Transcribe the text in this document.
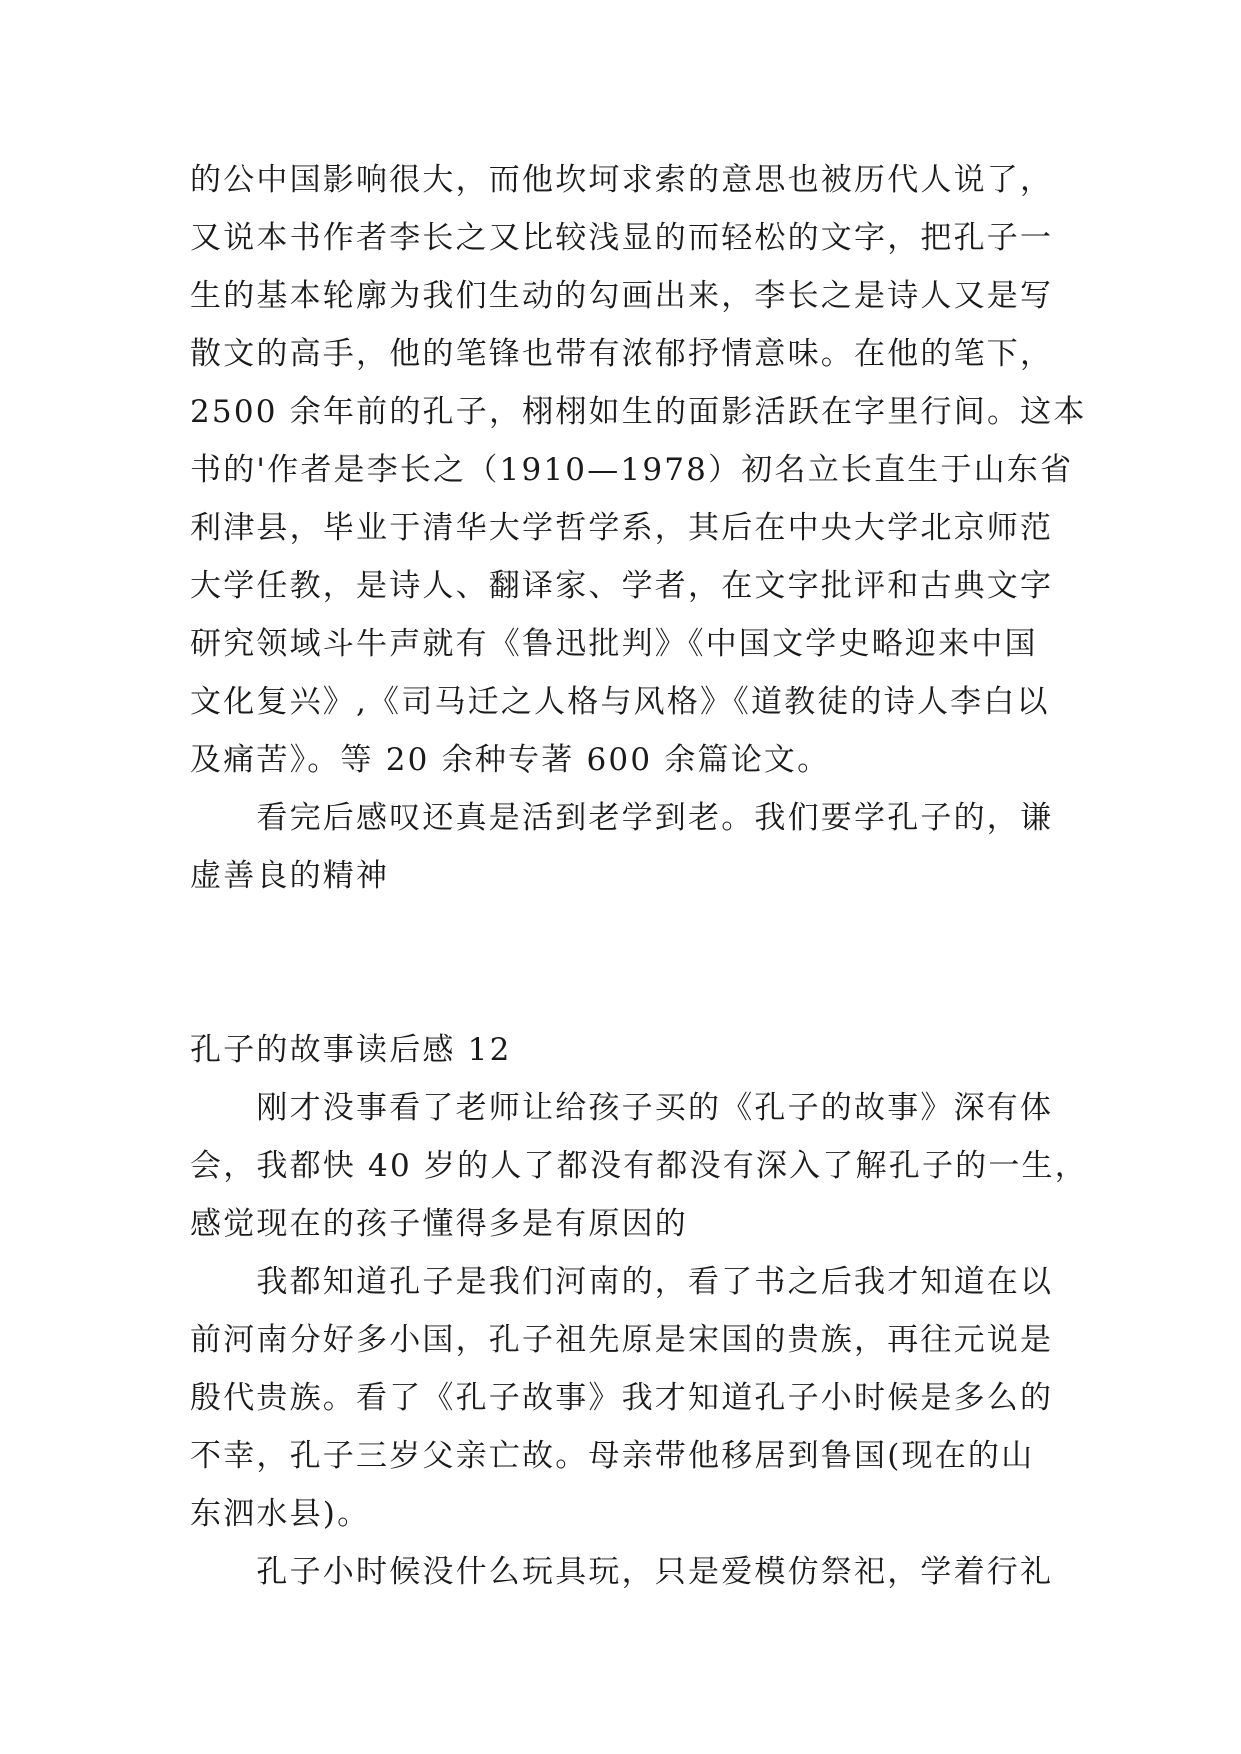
的公中国影响很大，而他坎坷求索的意思也被历代人说了，
又说本书作者李长之又比较浅显的而轻松的文字，把孔子一
生的基本轮廓为我们生动的勾画出来，李长之是诗人又是写
散文的高手，他的笔锋也带有浓郁抒情意味。在他的笔下，
2500 余年前的孔子，栩栩如生的面影活跃在字里行间。这本
书的'作者是李长之（1910—1978）初名立长直生于山东省
利津县，毕业于清华大学哲学系，其后在中央大学北京师范
大学任教，是诗人、翻译家、学者，在文字批评和古典文字
研究领域斗牛声就有《鲁迅批判》《中国文学史略迎来中国
文化复兴》,《司马迁之人格与风格》《道教徒的诗人李白以
及痛苦》。等 20 余种专著 600 余篇论文。
　　看完后感叹还真是活到老学到老。我们要学孔子的，谦
虚善良的精神
孔子的故事读后感 12
　　刚才没事看了老师让给孩子买的《孔子的故事》深有体
会，我都快 40 岁的人了都没有都没有深入了解孔子的一生，
感觉现在的孩子懂得多是有原因的
　　我都知道孔子是我们河南的，看了书之后我才知道在以
前河南分好多小国，孔子祖先原是宋国的贵族，再往元说是
殷代贵族。看了《孔子故事》我才知道孔子小时候是多么的
不幸，孔子三岁父亲亡故。母亲带他移居到鲁国(现在的山
东泗水县)。
　　孔子小时候没什么玩具玩，只是爱模仿祭祀，学着行礼
